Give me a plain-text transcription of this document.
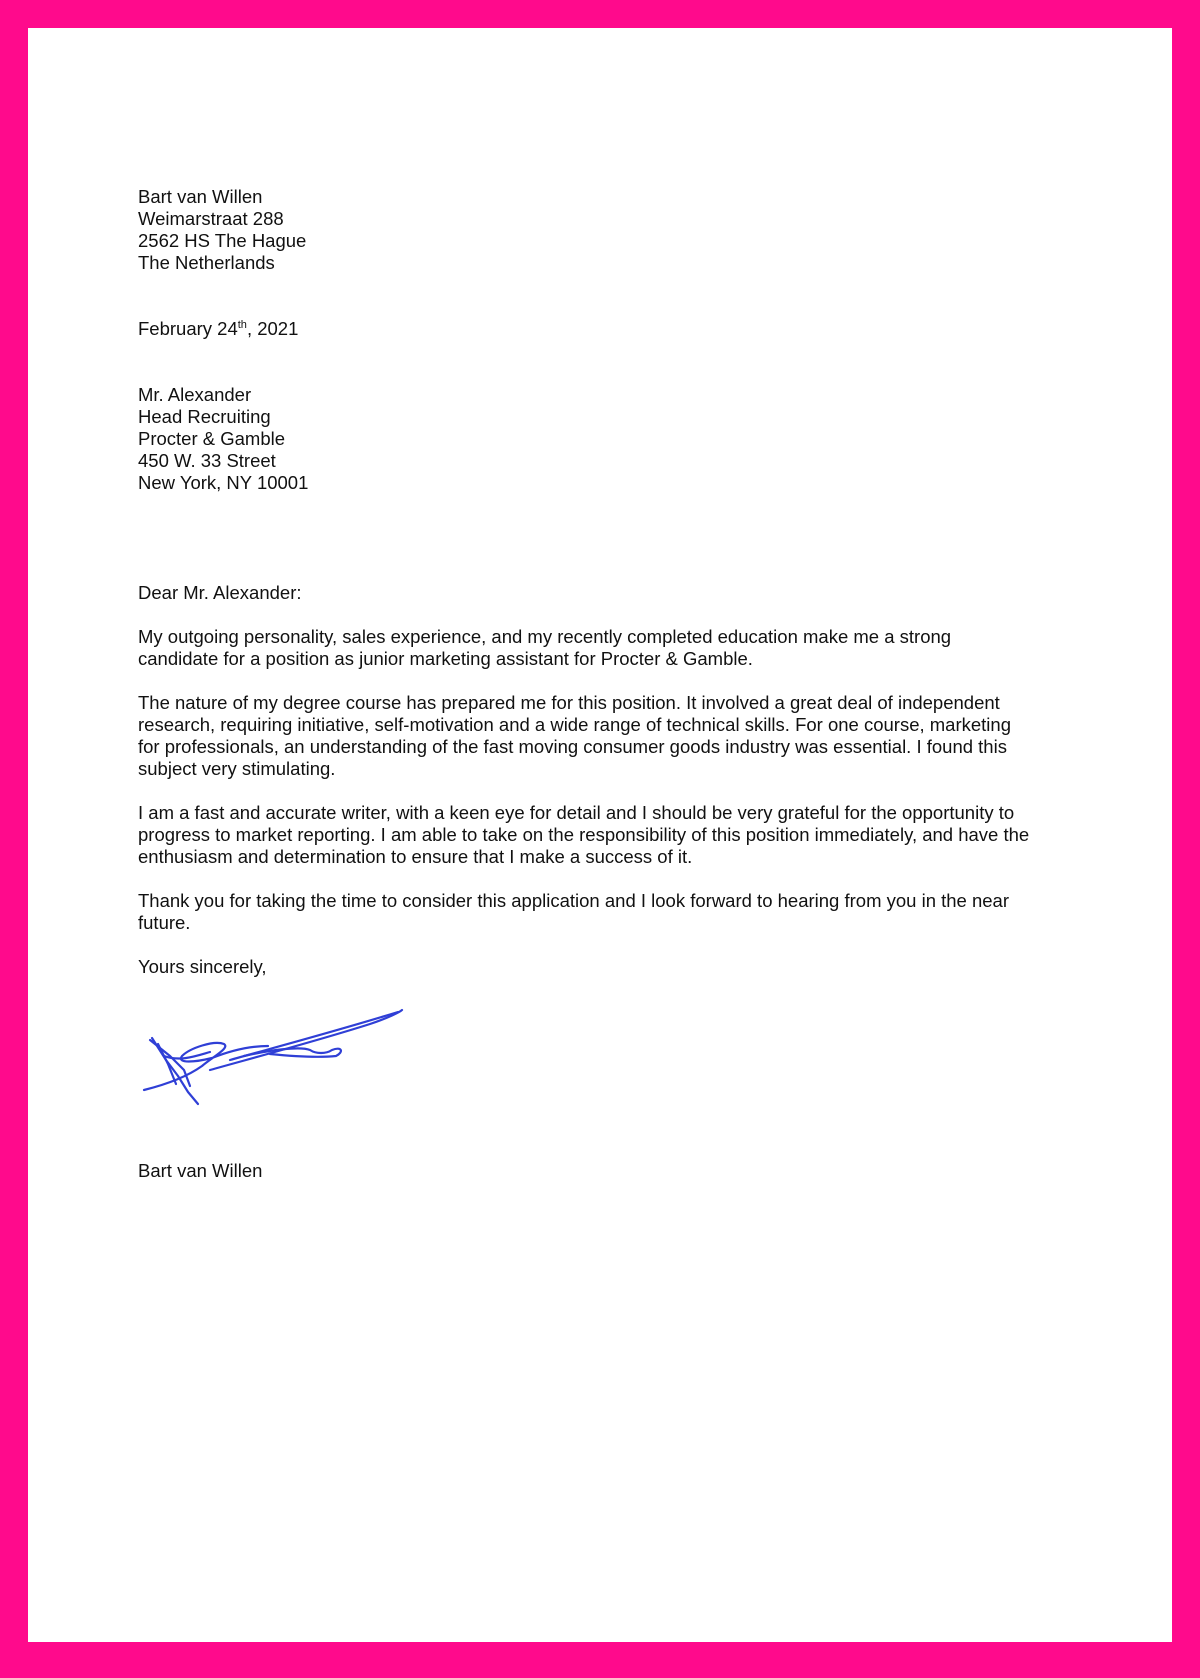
Bart van Willen
Weimarstraat 288
2562 HS The Hague
The Netherlands
February 24th, 2021
Mr. Alexander
Head Recruiting
Procter & Gamble
450 W. 33 Street
New York, NY 10001
Dear Mr. Alexander:
My outgoing personality, sales experience, and my recently completed education make me a strong
candidate for a position as junior marketing assistant for Procter & Gamble.
The nature of my degree course has prepared me for this position. It involved a great deal of independent
research, requiring initiative, self-motivation and a wide range of technical skills. For one course, marketing
for professionals, an understanding of the fast moving consumer goods industry was essential. I found this
subject very stimulating.
I am a fast and accurate writer, with a keen eye for detail and I should be very grateful for the opportunity to
progress to market reporting. I am able to take on the responsibility of this position immediately, and have the
enthusiasm and determination to ensure that I make a success of it.
Thank you for taking the time to consider this application and I look forward to hearing from you in the near
future.
Yours sincerely,
Bart van Willen
